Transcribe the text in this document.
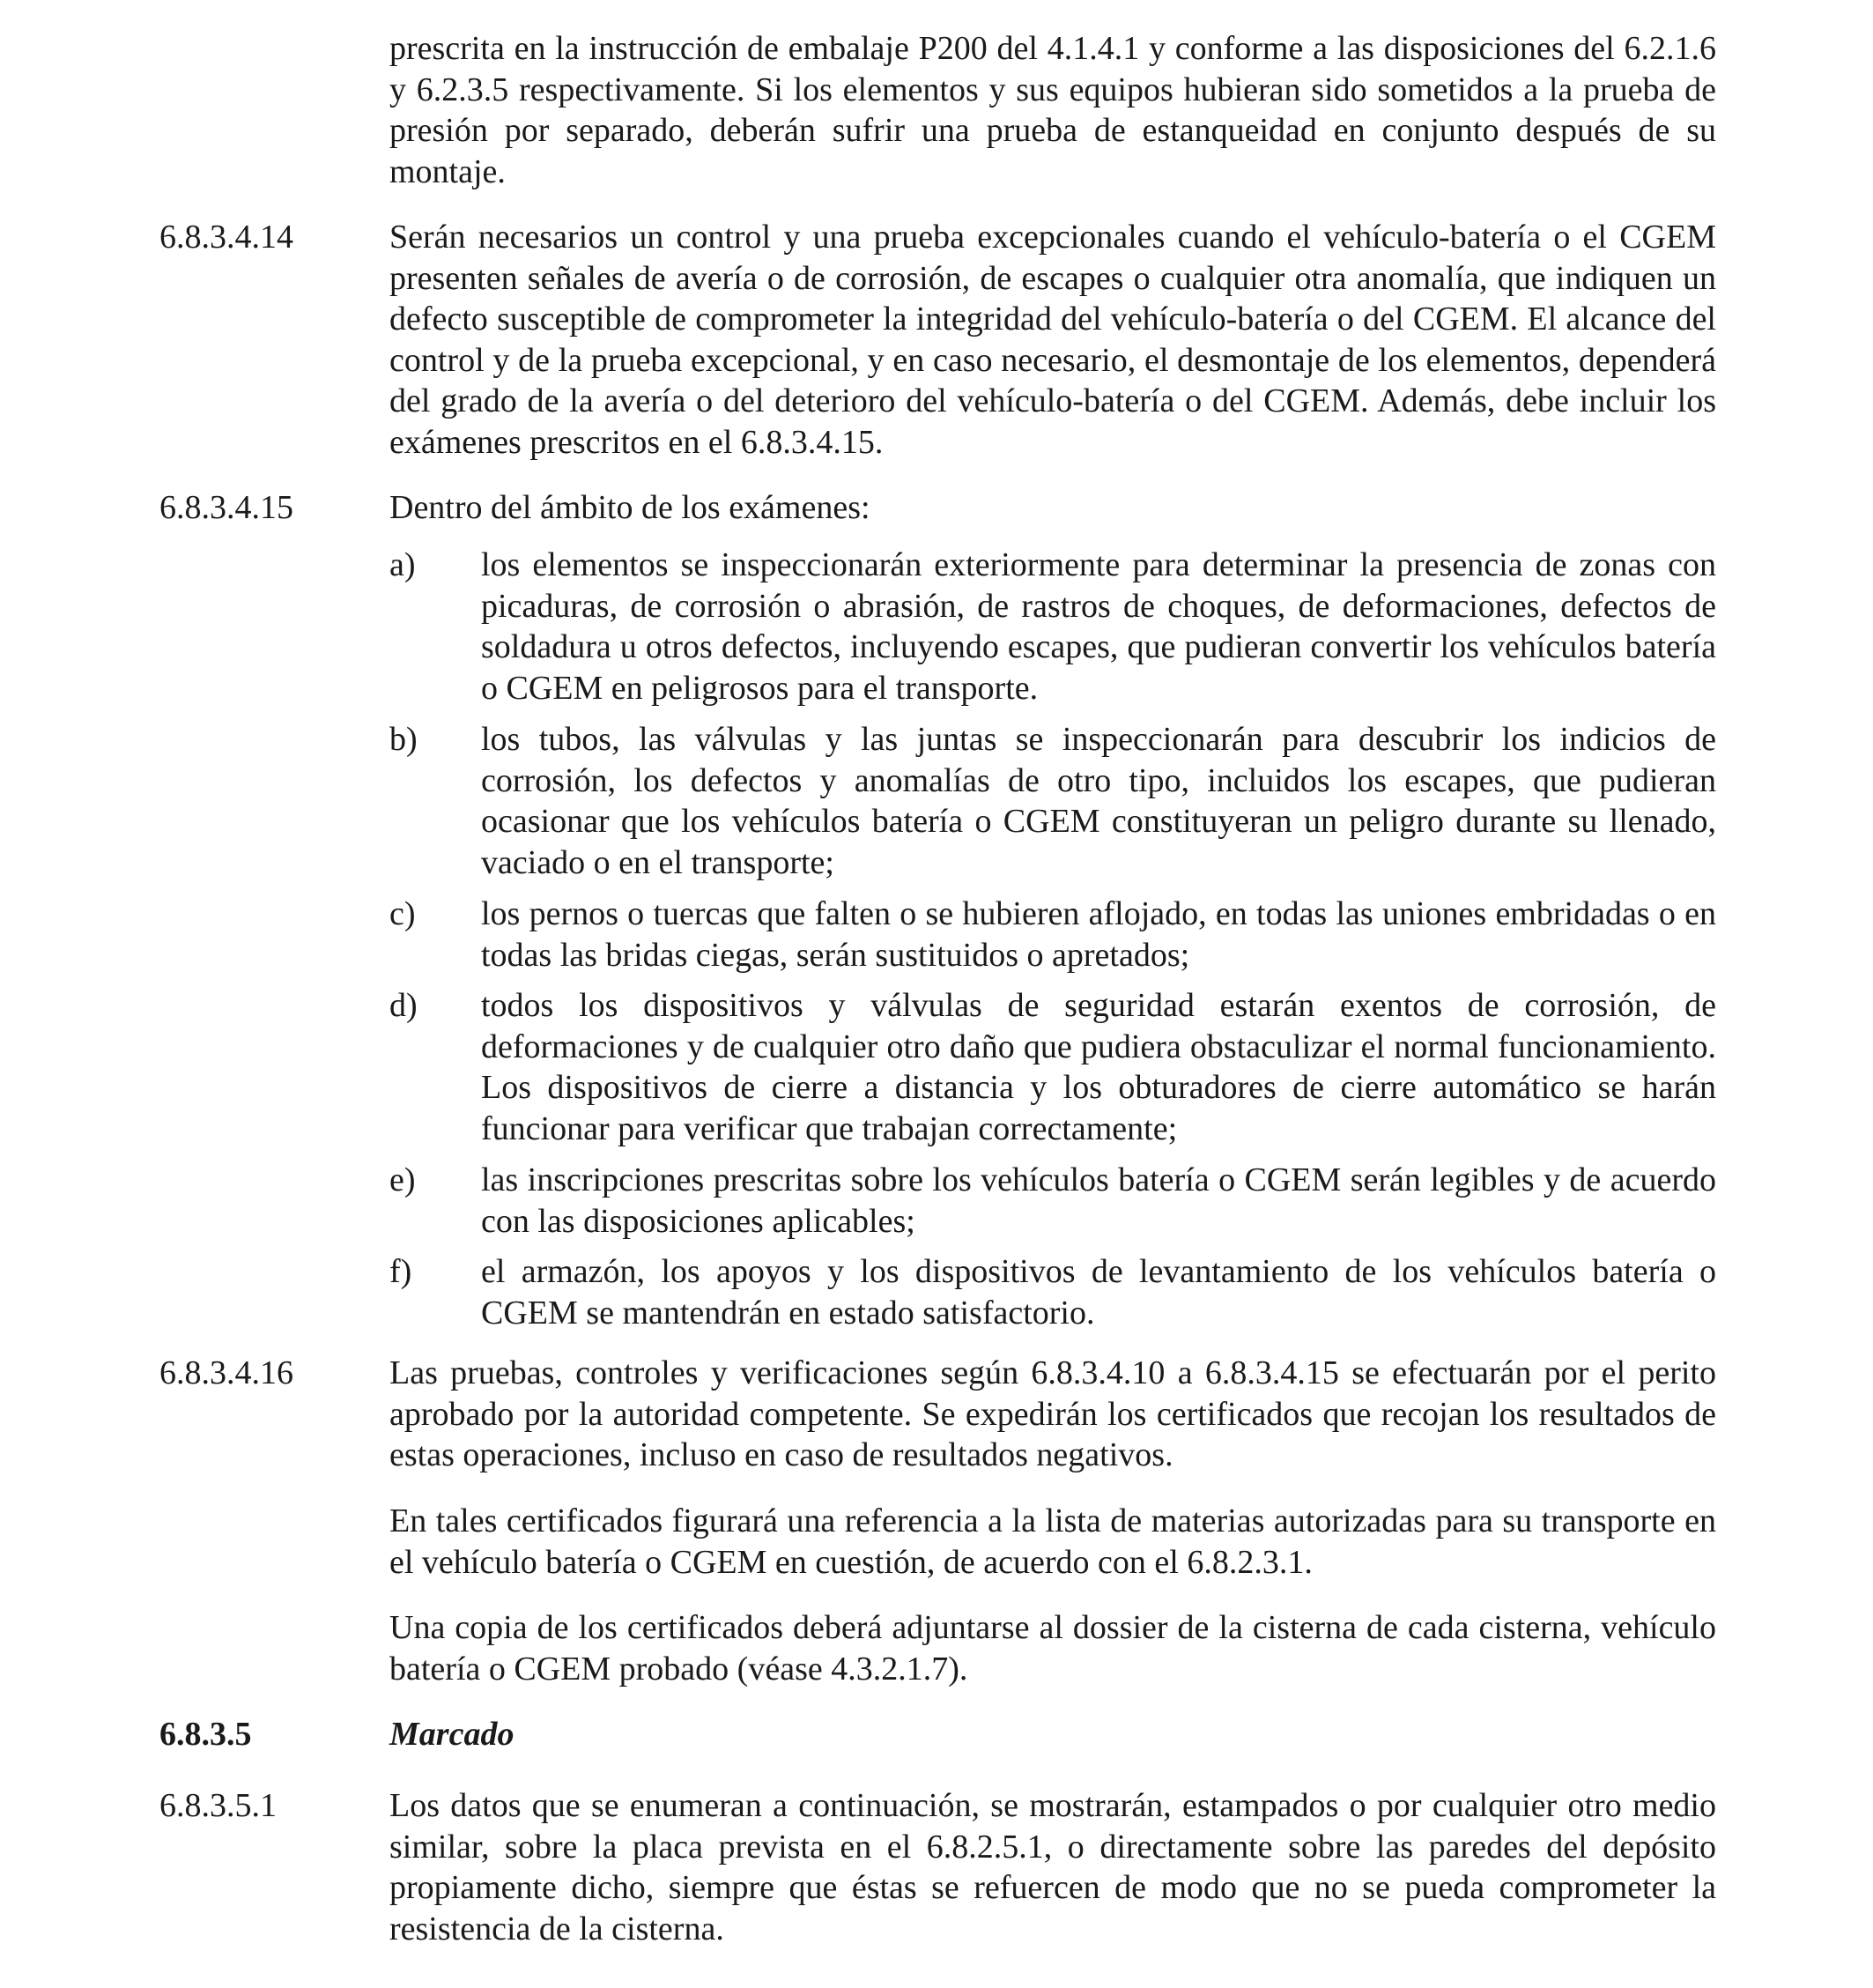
prescrita en la instrucción de embalaje P200 del 4.1.4.1 y conforme a las disposiciones del 6.2.1.6 y 6.2.3.5 respectivamente. Si los elementos y sus equipos hubieran sido sometidos a la prueba de presión por separado, deberán sufrir una prueba de estanqueidad en conjunto después de su montaje.
6.8.3.4.14	Serán necesarios un control y una prueba excepcionales cuando el vehículo-batería o el CGEM presenten señales de avería o de corrosión, de escapes o cualquier otra anomalía, que indiquen un defecto susceptible de comprometer la integridad del vehículo-batería o del CGEM. El alcance del control y de la prueba excepcional, y en caso necesario, el desmontaje de los elementos, dependerá del grado de la avería o del deterioro del vehículo-batería o del CGEM. Además, debe incluir los exámenes prescritos en el 6.8.3.4.15.
6.8.3.4.15	Dentro del ámbito de los exámenes:
a) los elementos se inspeccionarán exteriormente para determinar la presencia de zonas con picaduras, de corrosión o abrasión, de rastros de choques, de deformaciones, defectos de soldadura u otros defectos, incluyendo escapes, que pudieran convertir los vehículos batería o CGEM en peligrosos para el transporte.
b) los tubos, las válvulas y las juntas se inspeccionarán para descubrir los indicios de corrosión, los defectos y anomalías de otro tipo, incluidos los escapes, que pudieran ocasionar que los vehículos batería o CGEM constituyeran un peligro durante su llenado, vaciado o en el transporte;
c) los pernos o tuercas que falten o se hubieren aflojado, en todas las uniones embridadas o en todas las bridas ciegas, serán sustituidos o apretados;
d) todos los dispositivos y válvulas de seguridad estarán exentos de corrosión, de deformaciones y de cualquier otro daño que pudiera obstaculizar el normal funcionamiento. Los dispositivos de cierre a distancia y los obturadores de cierre automático se harán funcionar para verificar que trabajan correctamente;
e) las inscripciones prescritas sobre los vehículos batería o CGEM serán legibles y de acuerdo con las disposiciones aplicables;
f) el armazón, los apoyos y los dispositivos de levantamiento de los vehículos batería o CGEM se mantendrán en estado satisfactorio.
6.8.3.4.16	Las pruebas, controles y verificaciones según 6.8.3.4.10 a 6.8.3.4.15 se efectuarán por el perito aprobado por la autoridad competente. Se expedirán los certificados que recojan los resultados de estas operaciones, incluso en caso de resultados negativos.
En tales certificados figurará una referencia a la lista de materias autorizadas para su transporte en el vehículo batería o CGEM en cuestión, de acuerdo con el 6.8.2.3.1.
Una copia de los certificados deberá adjuntarse al dossier de la cisterna de cada cisterna, vehículo batería o CGEM probado (véase 4.3.2.1.7).
6.8.3.5	Marcado
6.8.3.5.1	Los datos que se enumeran a continuación, se mostrarán, estampados o por cualquier otro medio similar, sobre la placa prevista en el 6.8.2.5.1, o directamente sobre las paredes del depósito propiamente dicho, siempre que éstas se refuercen de modo que no se pueda comprometer la resistencia de la cisterna.
